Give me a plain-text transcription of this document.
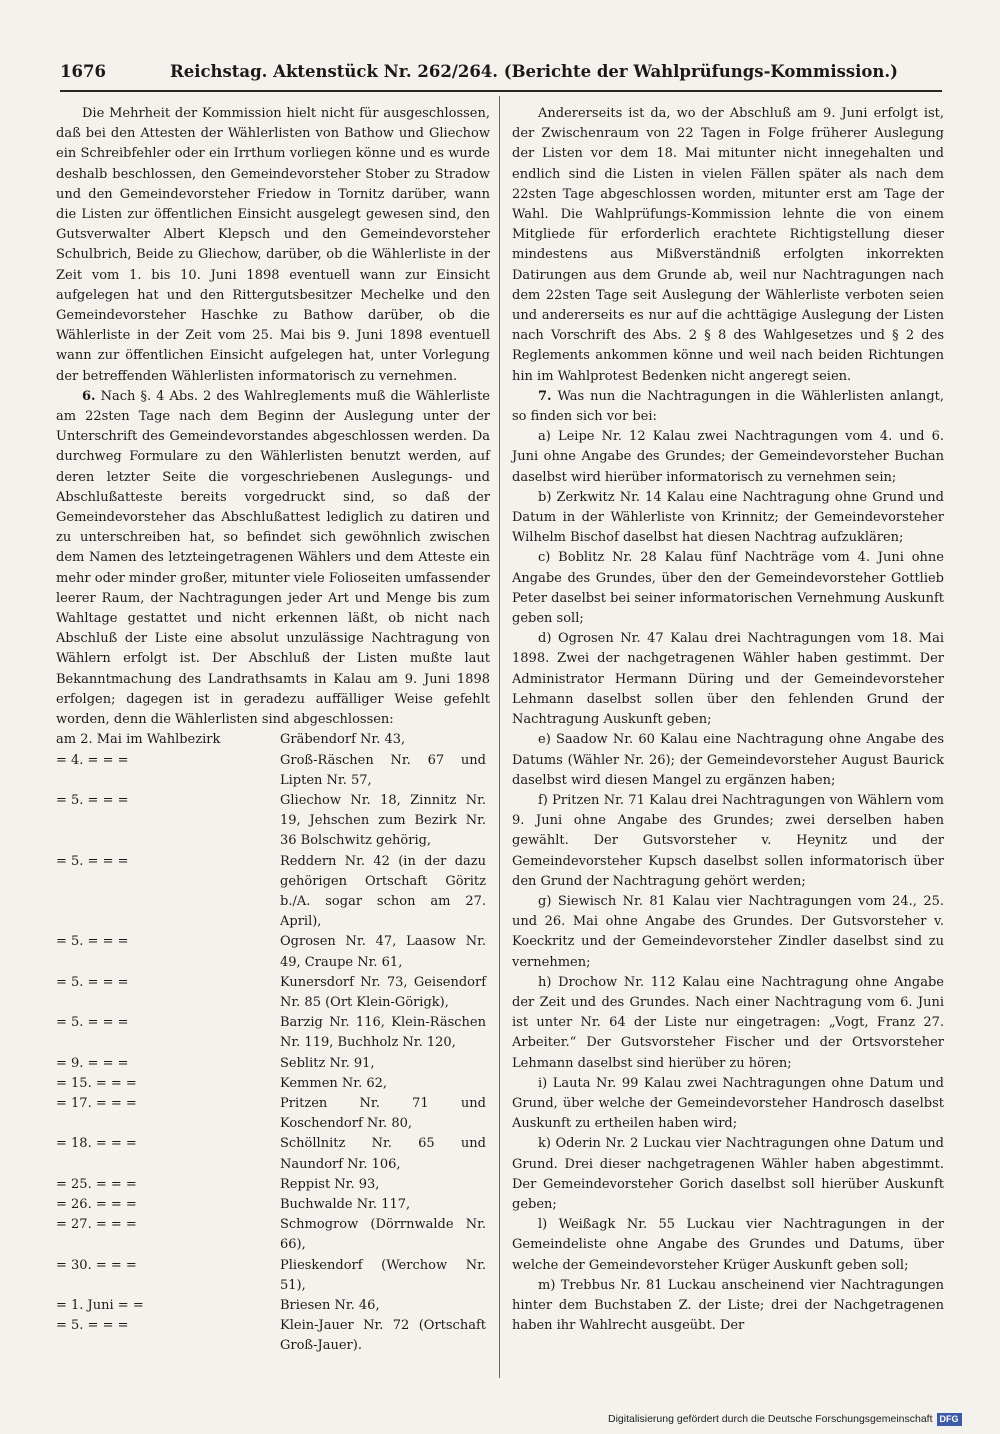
1676	Reichstag. Aktenstück Nr. 262/264. (Berichte der Wahlprüfungs-Kommission.)

Die Mehrheit der Kommission hielt nicht für ausgeschlossen, daß bei den Attesten der Wählerlisten von Bathow und Gliechow ein Schreibfehler oder ein Irrthum vorliegen könne und es wurde deshalb beschlossen, den Gemeindevorsteher Stober zu Stradow und den Gemeindevorsteher Friedow in Tornitz darüber, wann die Listen zur öffentlichen Einsicht ausgelegt gewesen sind, den Gutsverwalter Albert Klepsch und den Gemeindevorsteher Schulbrich, Beide zu Gliechow, darüber, ob die Wählerliste in der Zeit vom 1. bis 10. Juni 1898 eventuell wann zur Einsicht aufgelegen hat und den Rittergutsbesitzer Mechelke und den Gemeindevorsteher Haschke zu Bathow darüber, ob die Wählerliste in der Zeit vom 25. Mai bis 9. Juni 1898 eventuell wann zur öffentlichen Einsicht aufgelegen hat, unter Vorlegung der betreffenden Wählerlisten informatorisch zu vernehmen.

6. Nach §. 4 Abs. 2 des Wahlreglements muß die Wählerliste am 22sten Tage nach dem Beginn der Auslegung unter der Unterschrift des Gemeindevorstandes abgeschlossen werden. Da durchweg Formulare zu den Wählerlisten benutzt werden, auf deren letzter Seite die vorgeschriebenen Auslegungs- und Abschlußatteste bereits vorgedruckt sind, so daß der Gemeindevorsteher das Abschlußattest lediglich zu datiren und zu unterschreiben hat, so befindet sich gewöhnlich zwischen dem Namen des letzteingetragenen Wählers und dem Atteste ein mehr oder minder großer, mitunter viele Folioseiten umfassender leerer Raum, der Nachtragungen jeder Art und Menge bis zum Wahltage gestattet und nicht erkennen läßt, ob nicht nach Abschluß der Liste eine absolut unzulässige Nachtragung von Wählern erfolgt ist. Der Abschluß der Listen mußte laut Bekanntmachung des Landrathsamts in Kalau am 9. Juni 1898 erfolgen; dagegen ist in geradezu auffälliger Weise gefehlt worden, denn die Wählerlisten sind abgeschlossen:

am 2. Mai im Wahlbezirk	Gräbendorf Nr. 43,
= 4. = = =	Groß-Räschen Nr. 67 und Lipten Nr. 57,
= 5. = = =	Gliechow Nr. 18, Zinnitz Nr. 19, Jehschen zum Bezirk Nr. 36 Bolschwitz gehörig,
= 5. = = =	Reddern Nr. 42 (in der dazu gehörigen Ortschaft Göritz b./A. sogar schon am 27. April),
= 5. = = =	Ogrosen Nr. 47, Laasow Nr. 49, Craupe Nr. 61,
= 5. = = =	Kunersdorf Nr. 73, Geisendorf Nr. 85 (Ort Klein-Görigk),
= 5. = = =	Barzig Nr. 116, Klein-Räschen Nr. 119, Buchholz Nr. 120,
= 9. = = =	Seblitz Nr. 91,
= 15. = = =	Kemmen Nr. 62,
= 17. = = =	Pritzen Nr. 71 und Koschendorf Nr. 80,
= 18. = = =	Schöllnitz Nr. 65 und Naundorf Nr. 106,
= 25. = = =	Reppist Nr. 93,
= 26. = = =	Buchwalde Nr. 117,
= 27. = = =	Schmogrow (Dörrnwalde Nr. 66),
= 30. = = =	Plieskendorf (Werchow Nr. 51),
= 1. Juni = =	Briesen Nr. 46,
= 5. = = =	Klein-Jauer Nr. 72 (Ortschaft Groß-Jauer).

Andererseits ist da, wo der Abschluß am 9. Juni erfolgt ist, der Zwischenraum von 22 Tagen in Folge früherer Auslegung der Listen vor dem 18. Mai mitunter nicht innegehalten und endlich sind die Listen in vielen Fällen später als nach dem 22sten Tage abgeschlossen worden, mitunter erst am Tage der Wahl. Die Wahlprüfungs-Kommission lehnte die von einem Mitgliede für erforderlich erachtete Richtigstellung dieser mindestens aus Mißverständniß erfolgten inkorrekten Datirungen aus dem Grunde ab, weil nur Nachtragungen nach dem 22sten Tage seit Auslegung der Wählerliste verboten seien und andererseits es nur auf die achttägige Auslegung der Listen nach Vorschrift des Abs. 2 § 8 des Wahlgesetzes und § 2 des Reglements ankommen könne und weil nach beiden Richtungen hin im Wahlprotest Bedenken nicht angeregt seien.

7. Was nun die Nachtragungen in die Wählerlisten anlangt, so finden sich vor bei:

a) Leipe Nr. 12 Kalau zwei Nachtragungen vom 4. und 6. Juni ohne Angabe des Grundes; der Gemeindevorsteher Buchan daselbst wird hierüber informatorisch zu vernehmen sein;

b) Zerkwitz Nr. 14 Kalau eine Nachtragung ohne Grund und Datum in der Wählerliste von Krinnitz; der Gemeindevorsteher Wilhelm Bischof daselbst hat diesen Nachtrag aufzuklären;

c) Boblitz Nr. 28 Kalau fünf Nachträge vom 4. Juni ohne Angabe des Grundes, über den der Gemeindevorsteher Gottlieb Peter daselbst bei seiner informatorischen Vernehmung Auskunft geben soll;

d) Ogrosen Nr. 47 Kalau drei Nachtragungen vom 18. Mai 1898. Zwei der nachgetragenen Wähler haben gestimmt. Der Administrator Hermann Düring und der Gemeindevorsteher Lehmann daselbst sollen über den fehlenden Grund der Nachtragung Auskunft geben;

e) Saadow Nr. 60 Kalau eine Nachtragung ohne Angabe des Datums (Wähler Nr. 26); der Gemeindevorsteher August Baurick daselbst wird diesen Mangel zu ergänzen haben;

f) Pritzen Nr. 71 Kalau drei Nachtragungen von Wählern vom 9. Juni ohne Angabe des Grundes; zwei derselben haben gewählt. Der Gutsvorsteher v. Heynitz und der Gemeindevorsteher Kupsch daselbst sollen informatorisch über den Grund der Nachtragung gehört werden;

g) Siewisch Nr. 81 Kalau vier Nachtragungen vom 24., 25. und 26. Mai ohne Angabe des Grundes. Der Gutsvorsteher v. Koeckritz und der Gemeindevorsteher Zindler daselbst sind zu vernehmen;

h) Drochow Nr. 112 Kalau eine Nachtragung ohne Angabe der Zeit und des Grundes. Nach einer Nachtragung vom 6. Juni ist unter Nr. 64 der Liste nur eingetragen: „Vogt, Franz 27. Arbeiter.“ Der Gutsvorsteher Fischer und der Ortsvorsteher Lehmann daselbst sind hierüber zu hören;

i) Lauta Nr. 99 Kalau zwei Nachtragungen ohne Datum und Grund, über welche der Gemeindevorsteher Handrosch daselbst Auskunft zu ertheilen haben wird;

k) Oderin Nr. 2 Luckau vier Nachtragungen ohne Datum und Grund. Drei dieser nachgetragenen Wähler haben abgestimmt. Der Gemeindevorsteher Gorich daselbst soll hierüber Auskunft geben;

l) Weißagk Nr. 55 Luckau vier Nachtragungen in der Gemeindeliste ohne Angabe des Grundes und Datums, über welche der Gemeindevorsteher Krüger Auskunft geben soll;

m) Trebbus Nr. 81 Luckau anscheinend vier Nachtragungen hinter dem Buchstaben Z. der Liste; drei der Nachgetragenen haben ihr Wahlrecht ausgeübt. Der

Digitalisierung gefördert durch die Deutsche Forschungsgemeinschaft DFG
